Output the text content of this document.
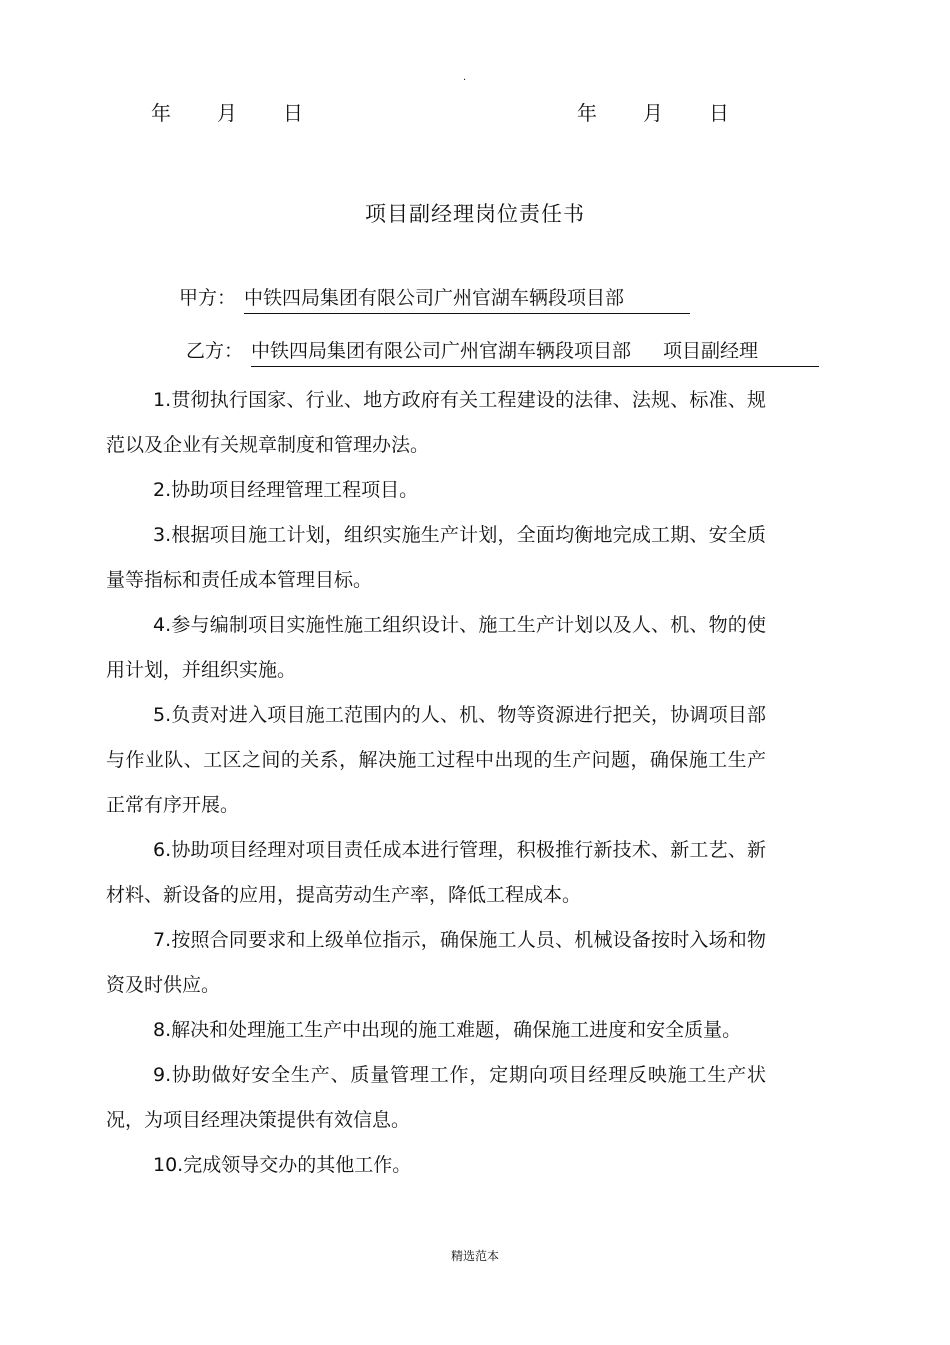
.
年	月	日	年	月	日
项目副经理岗位责任书
甲方： 中铁四局集团有限公司广州官湖车辆段项目部
乙方： 中铁四局集团有限公司广州官湖车辆段项目部 项目副经理

1.贯彻执行国家、行业、地方政府有关工程建设的法律、法规、标准、规范以及企业有关规章制度和管理办法。

2.协助项目经理管理工程项目。

3.根据项目施工计划，组织实施生产计划，全面均衡地完成工期、安全质量等指标和责任成本管理目标。

4.参与编制项目实施性施工组织设计、施工生产计划以及人、机、物的使用计划，并组织实施。

5.负责对进入项目施工范围内的人、机、物等资源进行把关，协调项目部与作业队、工区之间的关系，解决施工过程中出现的生产问题，确保施工生产正常有序开展。

6.协助项目经理对项目责任成本进行管理，积极推行新技术、新工艺、新材料、新设备的应用，提高劳动生产率，降低工程成本。

7.按照合同要求和上级单位指示，确保施工人员、机械设备按时入场和物资及时供应。

8.解决和处理施工生产中出现的施工难题，确保施工进度和安全质量。

9.协助做好安全生产、质量管理工作，定期向项目经理反映施工生产状况，为项目经理决策提供有效信息。

10.完成领导交办的其他工作。

精选范本
